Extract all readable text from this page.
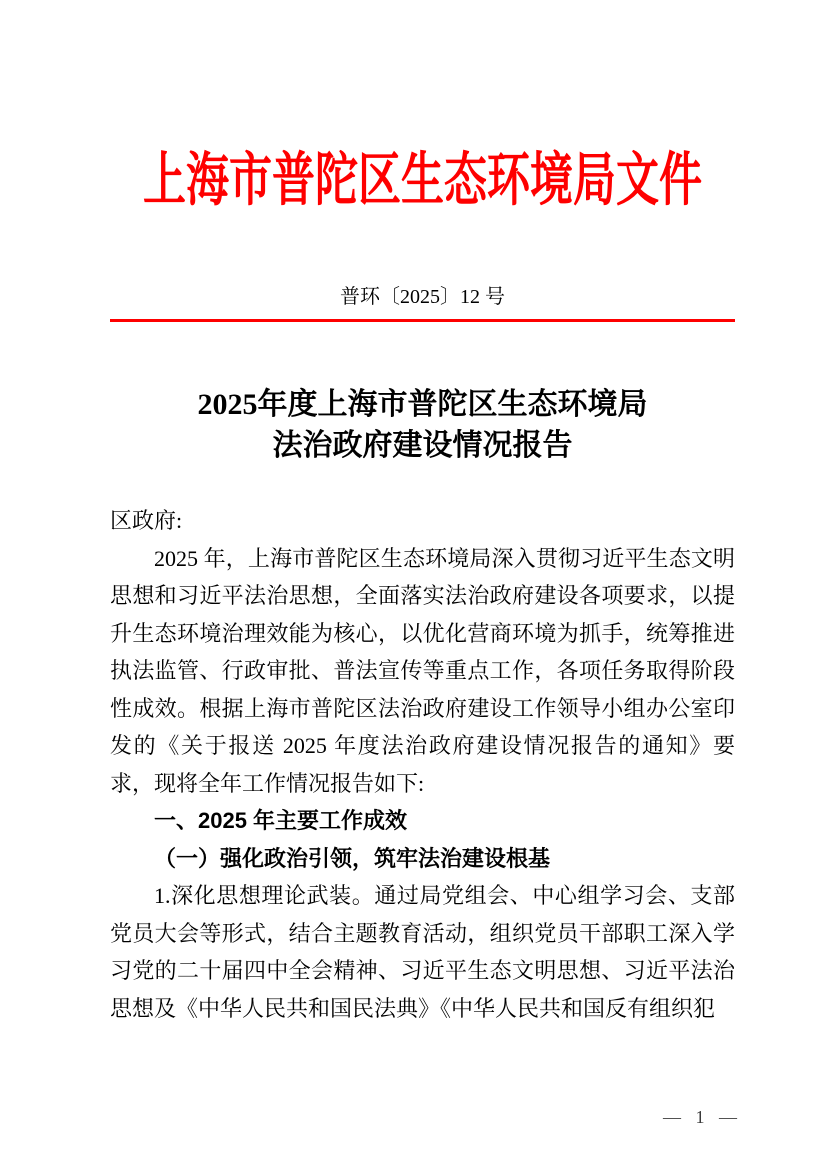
上海市普陀区生态环境局文件
普环〔2025〕12 号
2025年度上海市普陀区生态环境局
法治政府建设情况报告
区政府:
2025 年，上海市普陀区生态环境局深入贯彻习近平生态文明思想和习近平法治思想，全面落实法治政府建设各项要求，以提升生态环境治理效能为核心，以优化营商环境为抓手，统筹推进执法监管、行政审批、普法宣传等重点工作，各项任务取得阶段性成效。根据上海市普陀区法治政府建设工作领导小组办公室印发的《关于报送 2025 年度法治政府建设情况报告的通知》要求，现将全年工作情况报告如下:
一、2025 年主要工作成效
（一）强化政治引领，筑牢法治建设根基
1.深化思想理论武装。通过局党组会、中心组学习会、支部党员大会等形式，结合主题教育活动，组织党员干部职工深入学习党的二十届四中全会精神、习近平生态文明思想、习近平法治思想及《中华人民共和国民法典》《中华人民共和国反有组织犯
— 1 —
